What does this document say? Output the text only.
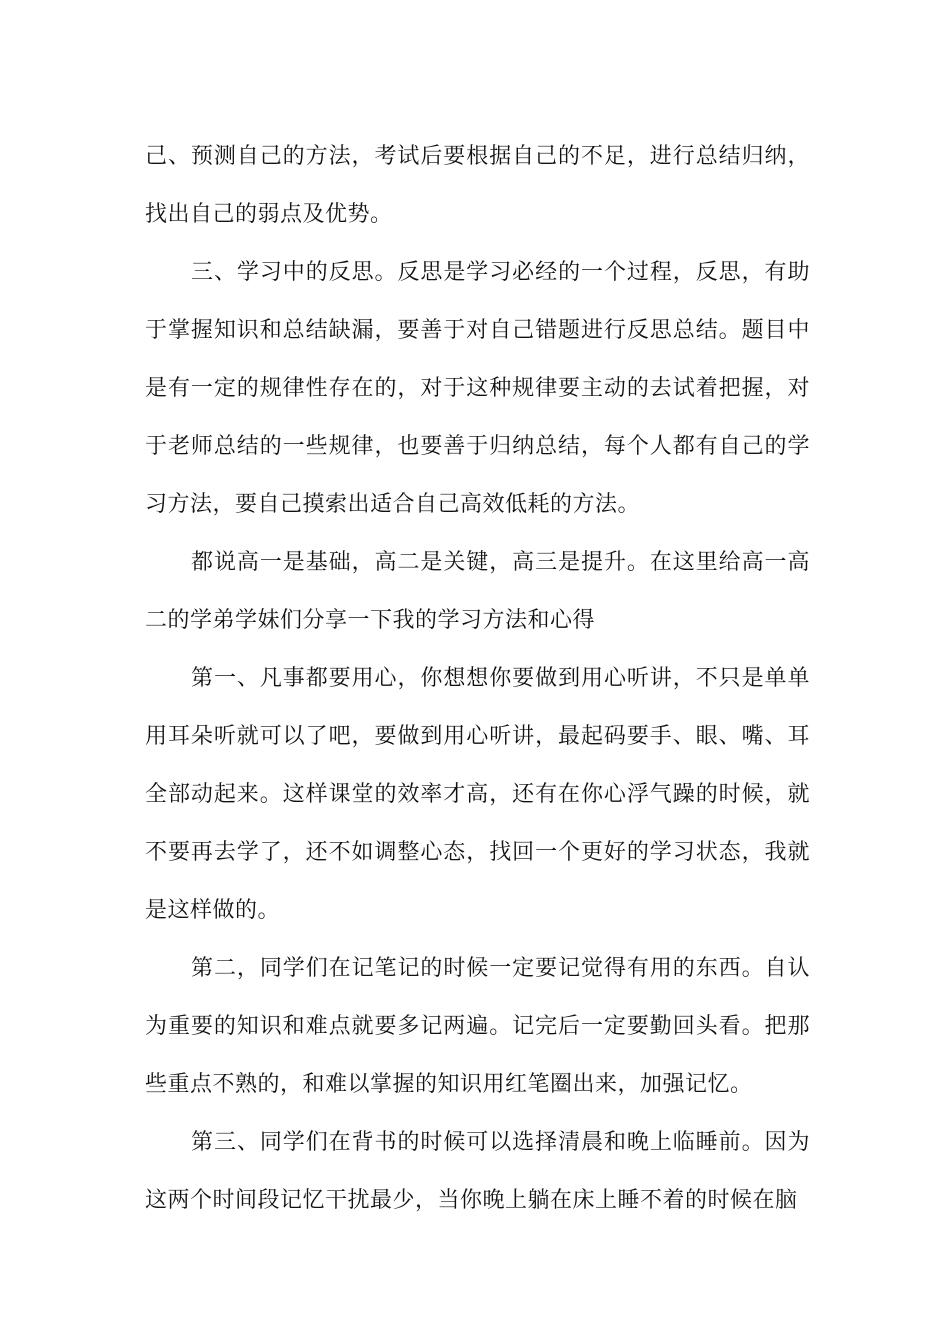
己、预测自己的方法，考试后要根据自己的不足，进行总结归纳，找出自己的弱点及优势。

三、学习中的反思。反思是学习必经的一个过程，反思，有助于掌握知识和总结缺漏，要善于对自己错题进行反思总结。题目中是有一定的规律性存在的，对于这种规律要主动的去试着把握，对于老师总结的一些规律，也要善于归纳总结，每个人都有自己的学习方法，要自己摸索出适合自己高效低耗的方法。

都说高一是基础，高二是关键，高三是提升。在这里给高一高二的学弟学妹们分享一下我的学习方法和心得

第一、凡事都要用心，你想想你要做到用心听讲，不只是单单用耳朵听就可以了吧，要做到用心听讲，最起码要手、眼、嘴、耳全部动起来。这样课堂的效率才高，还有在你心浮气躁的时候，就不要再去学了，还不如调整心态，找回一个更好的学习状态，我就是这样做的。

第二，同学们在记笔记的时候一定要记觉得有用的东西。自认为重要的知识和难点就要多记两遍。记完后一定要勤回头看。把那些重点不熟的，和难以掌握的知识用红笔圈出来，加强记忆。

第三、同学们在背书的时候可以选择清晨和晚上临睡前。因为这两个时间段记忆干扰最少，当你晚上躺在床上睡不着的时候在脑
